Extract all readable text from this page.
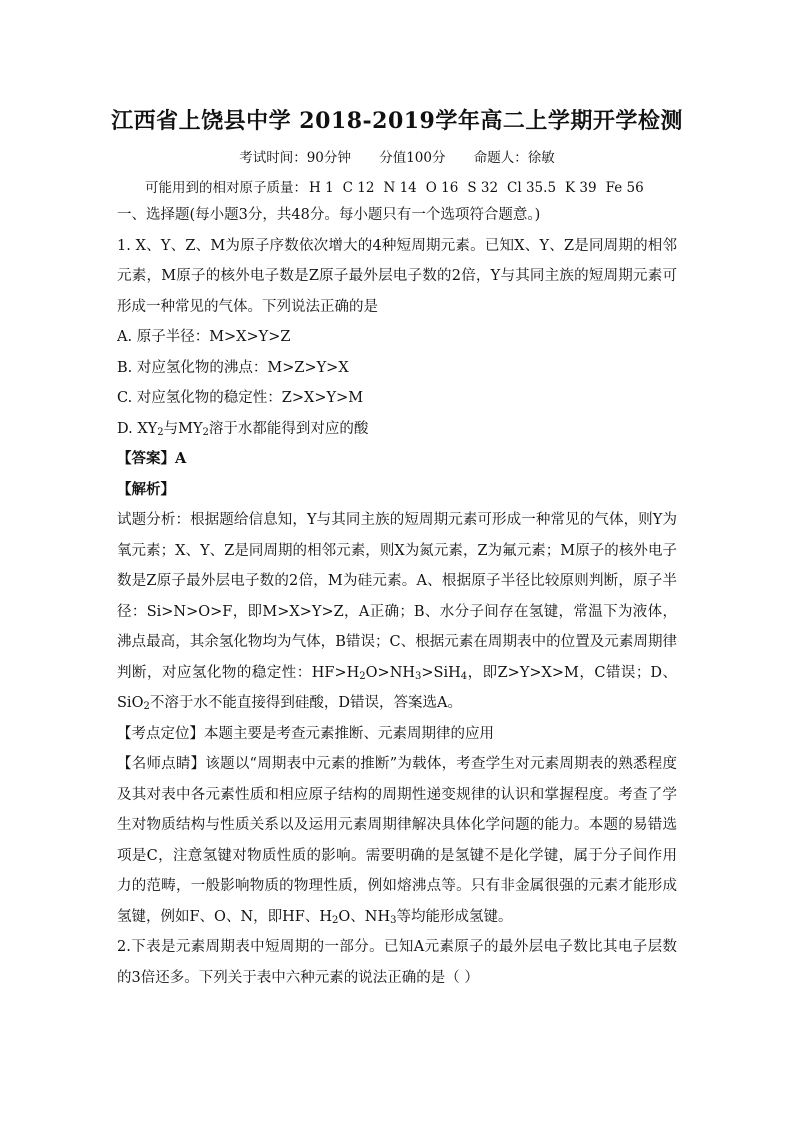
江西省上饶县中学 2018-2019学年高二上学期开学检测
考试时间：90分钟 分值100分 命题人：徐敏
可能用到的相对原子质量： H 1 C 12 N 14 O 16 S 32 Cl 35.5 K 39 Fe 56

一、选择题(每小题3分，共48分。每小题只有一个选项符合题意。)

1. X、Y、Z、M为原子序数依次增大的4种短周期元素。已知X、Y、Z是同周期的相邻元素，M原子的核外电子数是Z原子最外层电子数的2倍，Y与其同主族的短周期元素可形成一种常见的气体。下列说法正确的是

A. 原子半径：M>X>Y>Z

B. 对应氢化物的沸点：M>Z>Y>X

C. 对应氢化物的稳定性：Z>X>Y>M

D. $XY_2$与$MY_2$溶于水都能得到对应的酸

【答案】A

【解析】

试题分析：根据题给信息知，Y与其同主族的短周期元素可形成一种常见的气体，则Y为氧元素；X、Y、Z是同周期的相邻元素，则X为氮元素，Z为氟元素；M原子的核外电子数是Z原子最外层电子数的2倍，M为硅元素。A、根据原子半径比较原则判断，原子半径：Si>N>O>F，即M>X>Y>Z，A正确；B、水分子间存在氢键，常温下为液体，沸点最高，其余氢化物均为气体，B错误；C、根据元素在周期表中的位置及元素周期律判断，对应氢化物的稳定性：$HF>H_2O>NH_3>SiH_4$，即Z>Y>X>M，C错误；D、SiO$_2$不溶于水不能直接得到硅酸，D错误，答案选A。

【考点定位】本题主要是考查元素推断、元素周期律的应用

【名师点睛】该题以“周期表中元素的推断”为载体，考查学生对元素周期表的熟悉程度及其对表中各元素性质和相应原子结构的周期性递变规律的认识和掌握程度。考查了学生对物质结构与性质关系以及运用元素周期律解决具体化学问题的能力。本题的易错选项是C，注意氢键对物质性质的影响。需要明确的是氢键不是化学键，属于分子间作用力的范畴，一般影响物质的物理性质，例如熔沸点等。只有非金属很强的元素才能形成氢键，例如F、O、N，即HF、$H_2O$、$NH_3$等均能形成氢键。

2.下表是元素周期表中短周期的一部分。已知A元素原子的最外层电子数比其电子层数的3倍还多。下列关于表中六种元素的说法正确的是（ ）
